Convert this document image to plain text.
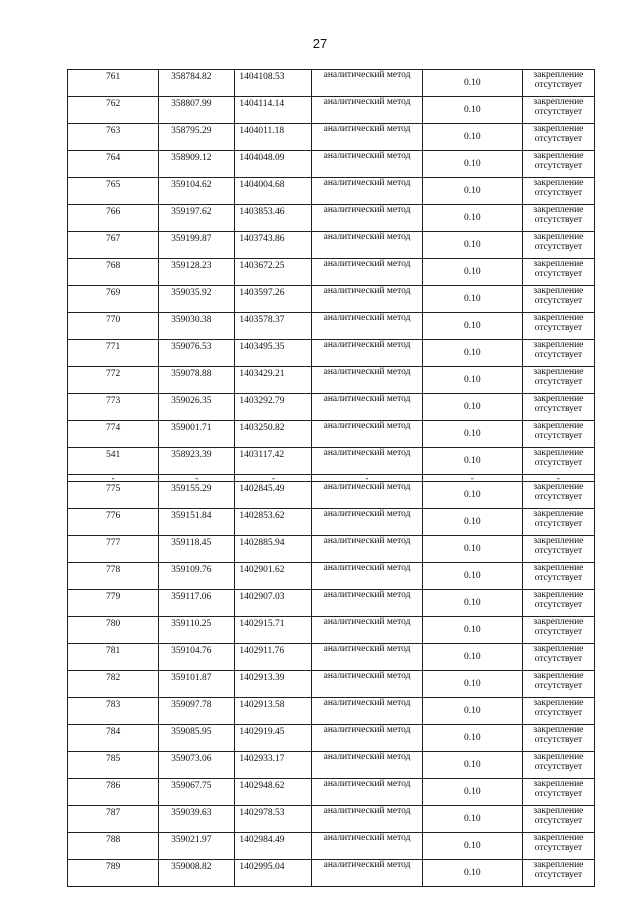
27
761	358784.82	1404108.53	аналитический метод	0.10	закрепление отсутствует
762	358807.99	1404114.14	аналитический метод	0.10	закрепление отсутствует
763	358795.29	1404011.18	аналитический метод	0.10	закрепление отсутствует
764	358909.12	1404048.09	аналитический метод	0.10	закрепление отсутствует
765	359104.62	1404004.68	аналитический метод	0.10	закрепление отсутствует
766	359197.62	1403853.46	аналитический метод	0.10	закрепление отсутствует
767	359199.87	1403743.86	аналитический метод	0.10	закрепление отсутствует
768	359128.23	1403672.25	аналитический метод	0.10	закрепление отсутствует
769	359035.92	1403597.26	аналитический метод	0.10	закрепление отсутствует
770	359030.38	1403578.37	аналитический метод	0.10	закрепление отсутствует
771	359076.53	1403495.35	аналитический метод	0.10	закрепление отсутствует
772	359078.88	1403429.21	аналитический метод	0.10	закрепление отсутствует
773	359026.35	1403292.79	аналитический метод	0.10	закрепление отсутствует
774	359001.71	1403250.82	аналитический метод	0.10	закрепление отсутствует
541	358923.39	1403117.42	аналитический метод	0.10	закрепление отсутствует
-	-	-	-	-	-
775	359155.29	1402845.49	аналитический метод	0.10	закрепление отсутствует
776	359151.84	1402853.62	аналитический метод	0.10	закрепление отсутствует
777	359118.45	1402885.94	аналитический метод	0.10	закрепление отсутствует
778	359109.76	1402901.62	аналитический метод	0.10	закрепление отсутствует
779	359117.06	1402907.03	аналитический метод	0.10	закрепление отсутствует
780	359110.25	1402915.71	аналитический метод	0.10	закрепление отсутствует
781	359104.76	1402911.76	аналитический метод	0.10	закрепление отсутствует
782	359101.87	1402913.39	аналитический метод	0.10	закрепление отсутствует
783	359097.78	1402913.58	аналитический метод	0.10	закрепление отсутствует
784	359085.95	1402919.45	аналитический метод	0.10	закрепление отсутствует
785	359073.06	1402933.17	аналитический метод	0.10	закрепление отсутствует
786	359067.75	1402948.62	аналитический метод	0.10	закрепление отсутствует
787	359039.63	1402978.53	аналитический метод	0.10	закрепление отсутствует
788	359021.97	1402984.49	аналитический метод	0.10	закрепление отсутствует
789	359008.82	1402995.04	аналитический метод	0.10	закрепление отсутствует
